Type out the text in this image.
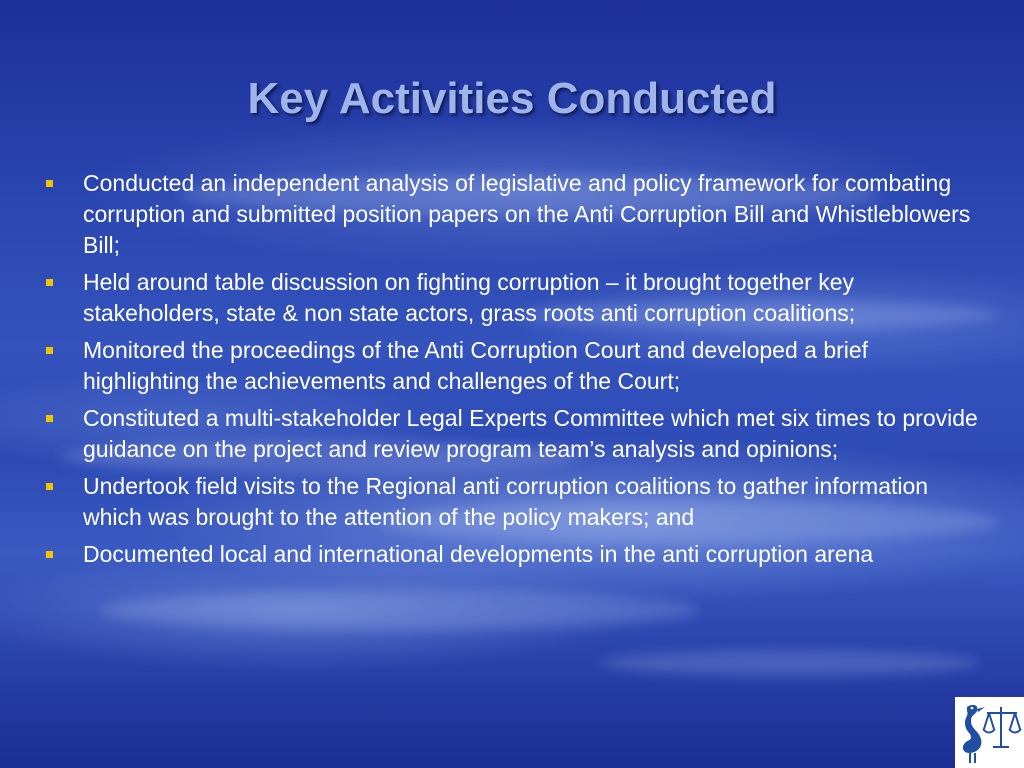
Key Activities Conducted
Conducted an independent analysis of legislative and policy framework for combating corruption and submitted position papers on the Anti Corruption Bill and Whistleblowers Bill;
Held around table discussion on fighting corruption – it brought together key stakeholders, state & non state actors, grass roots anti corruption coalitions;
Monitored the proceedings of the Anti Corruption Court and developed a brief highlighting the achievements and challenges of the Court;
Constituted a multi-stakeholder Legal Experts Committee which met six times to provide guidance on the project and review program team’s analysis and opinions;
Undertook field visits to the Regional anti corruption coalitions to gather information which was brought to the attention of the policy makers; and
Documented local and international developments in the anti corruption arena
